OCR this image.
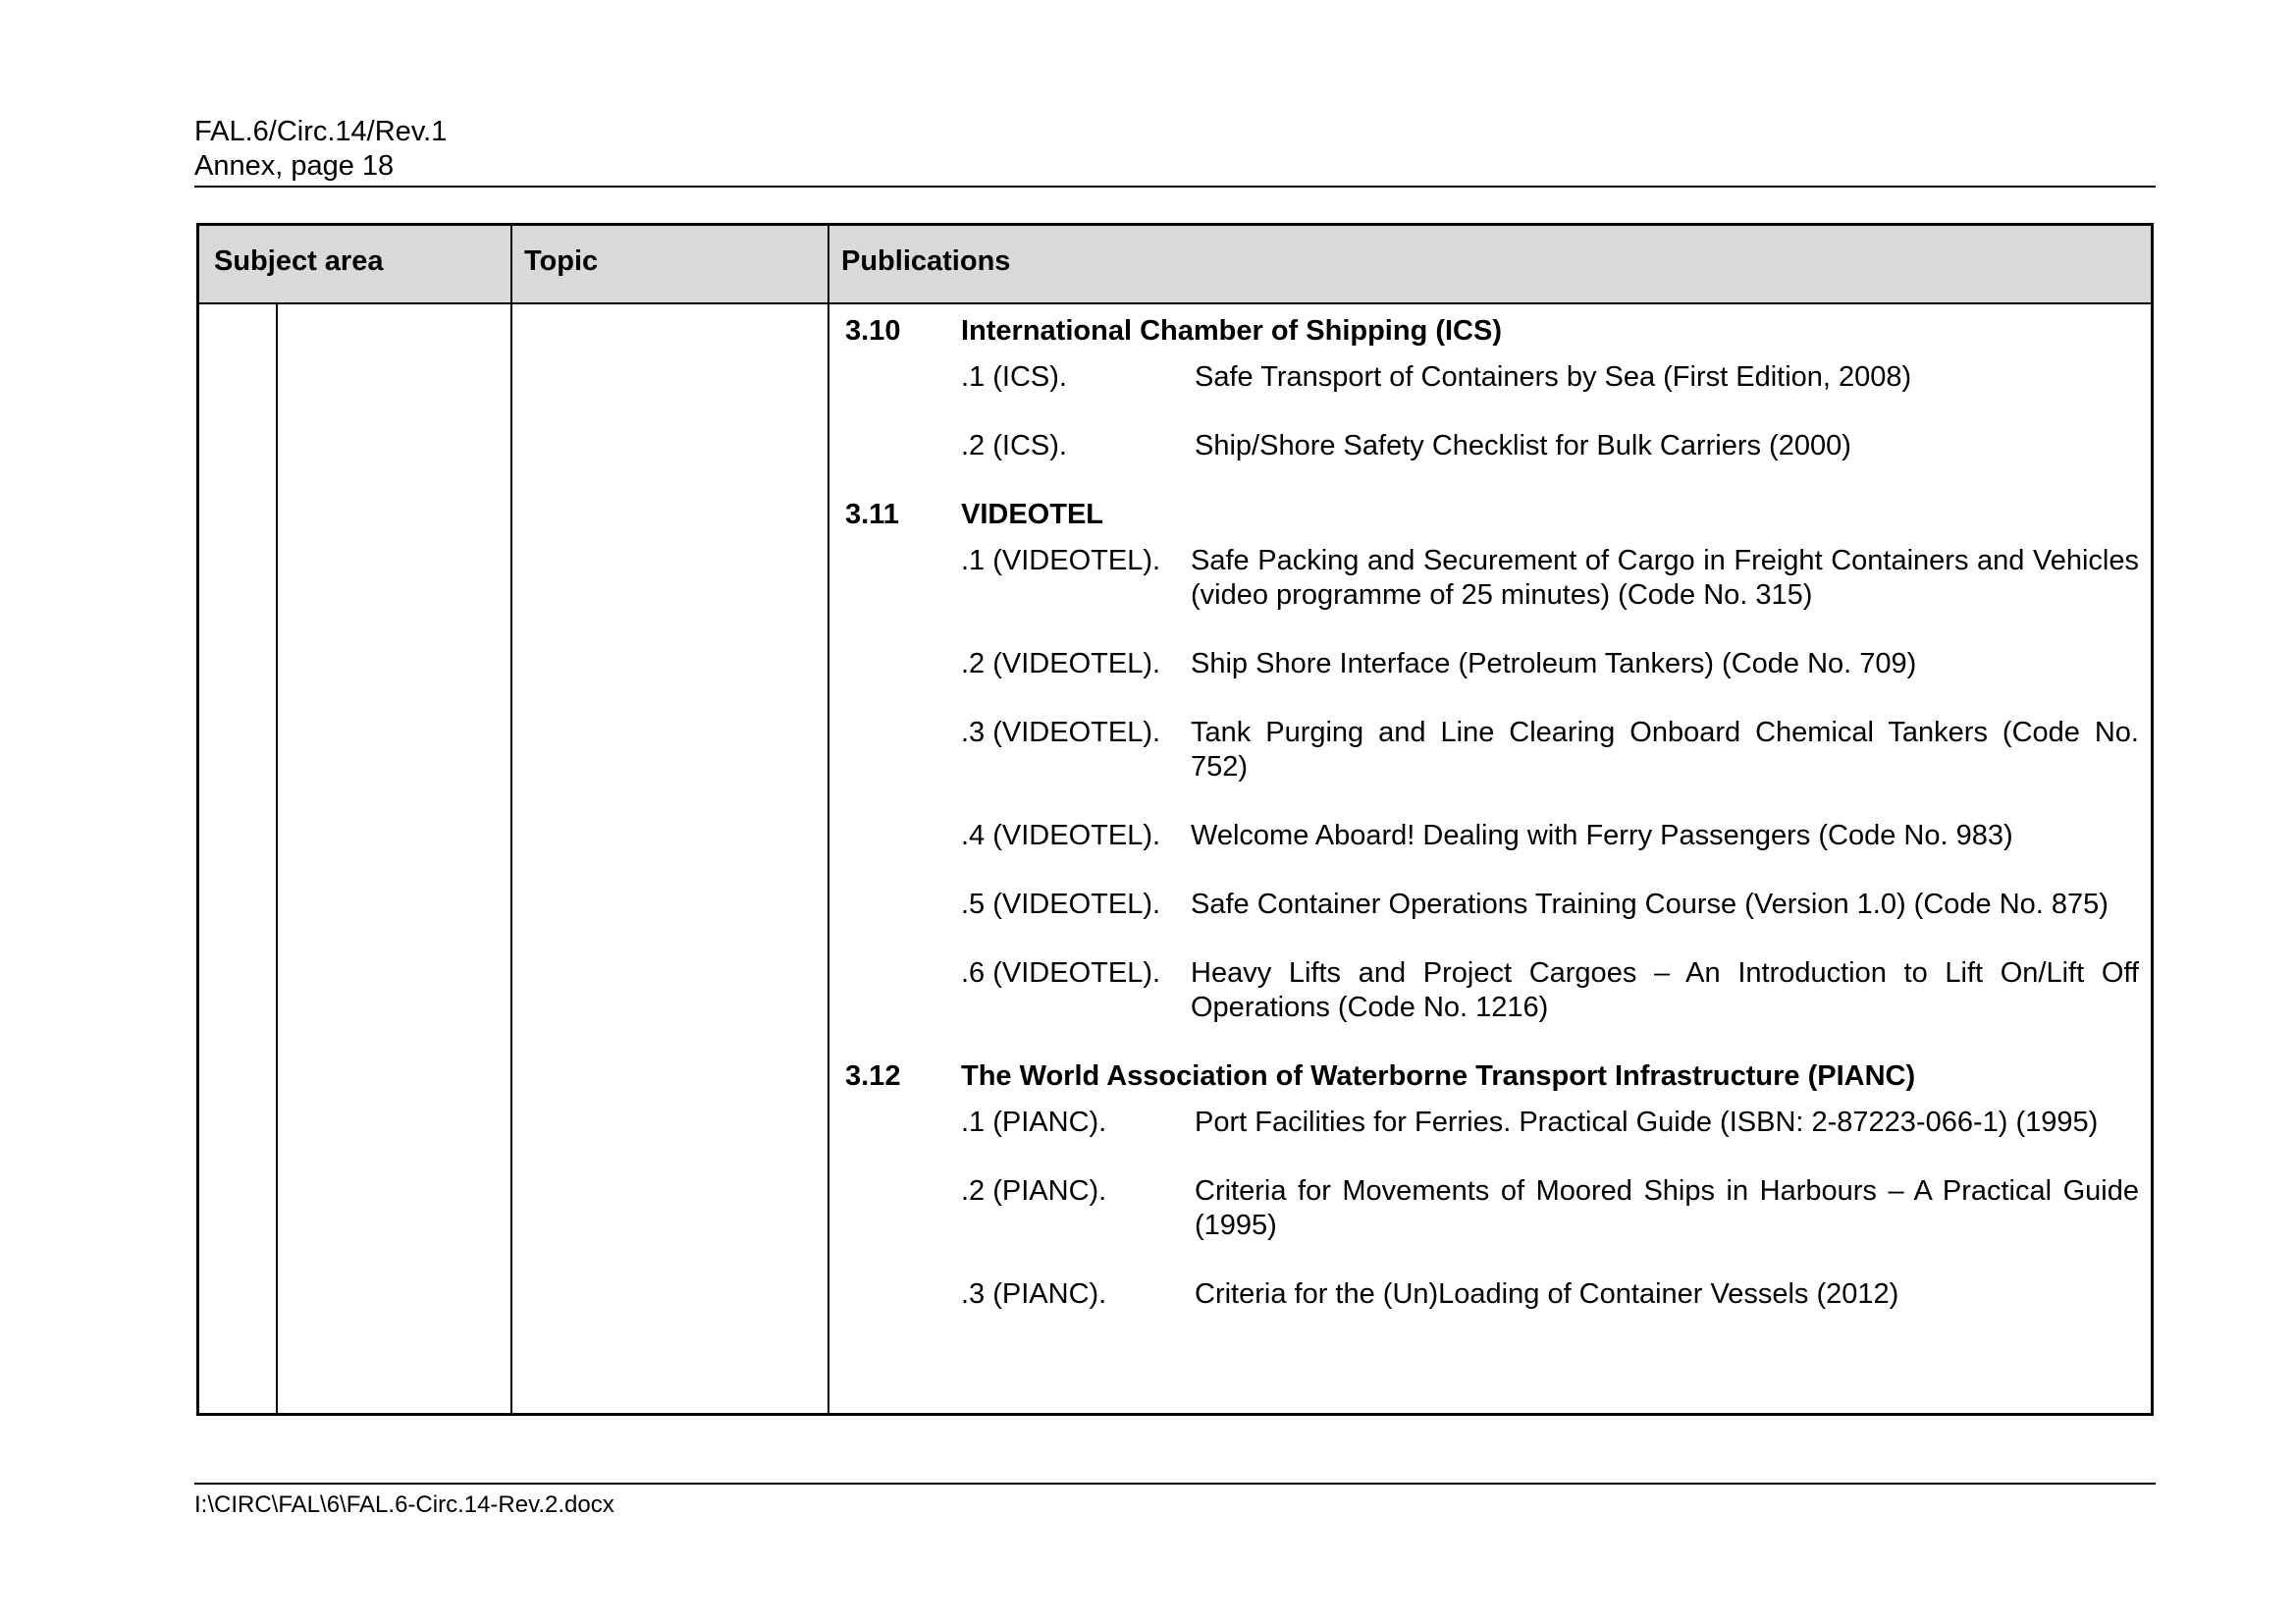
FAL.6/Circ.14/Rev.1
Annex, page 18
Subject area	Topic	Publications
3.10 International Chamber of Shipping (ICS)
.1 (ICS).	Safe Transport of Containers by Sea (First Edition, 2008)
.2 (ICS).	Ship/Shore Safety Checklist for Bulk Carriers (2000)
3.11 VIDEOTEL
.1 (VIDEOTEL). Safe Packing and Securement of Cargo in Freight Containers and Vehicles (video programme of 25 minutes) (Code No. 315)
.2 (VIDEOTEL). Ship Shore Interface (Petroleum Tankers) (Code No. 709)
.3 (VIDEOTEL). Tank Purging and Line Clearing Onboard Chemical Tankers (Code No. 752)
.4 (VIDEOTEL). Welcome Aboard! Dealing with Ferry Passengers (Code No. 983)
.5 (VIDEOTEL). Safe Container Operations Training Course (Version 1.0) (Code No. 875)
.6 (VIDEOTEL). Heavy Lifts and Project Cargoes – An Introduction to Lift On/Lift Off Operations (Code No. 1216)
3.12 The World Association of Waterborne Transport Infrastructure (PIANC)
.1 (PIANC).	Port Facilities for Ferries. Practical Guide (ISBN: 2-87223-066-1) (1995)
.2 (PIANC).	Criteria for Movements of Moored Ships in Harbours – A Practical Guide (1995)
.3 (PIANC).	Criteria for the (Un)Loading of Container Vessels (2012)
I:\CIRC\FAL\6\FAL.6-Circ.14-Rev.2.docx
